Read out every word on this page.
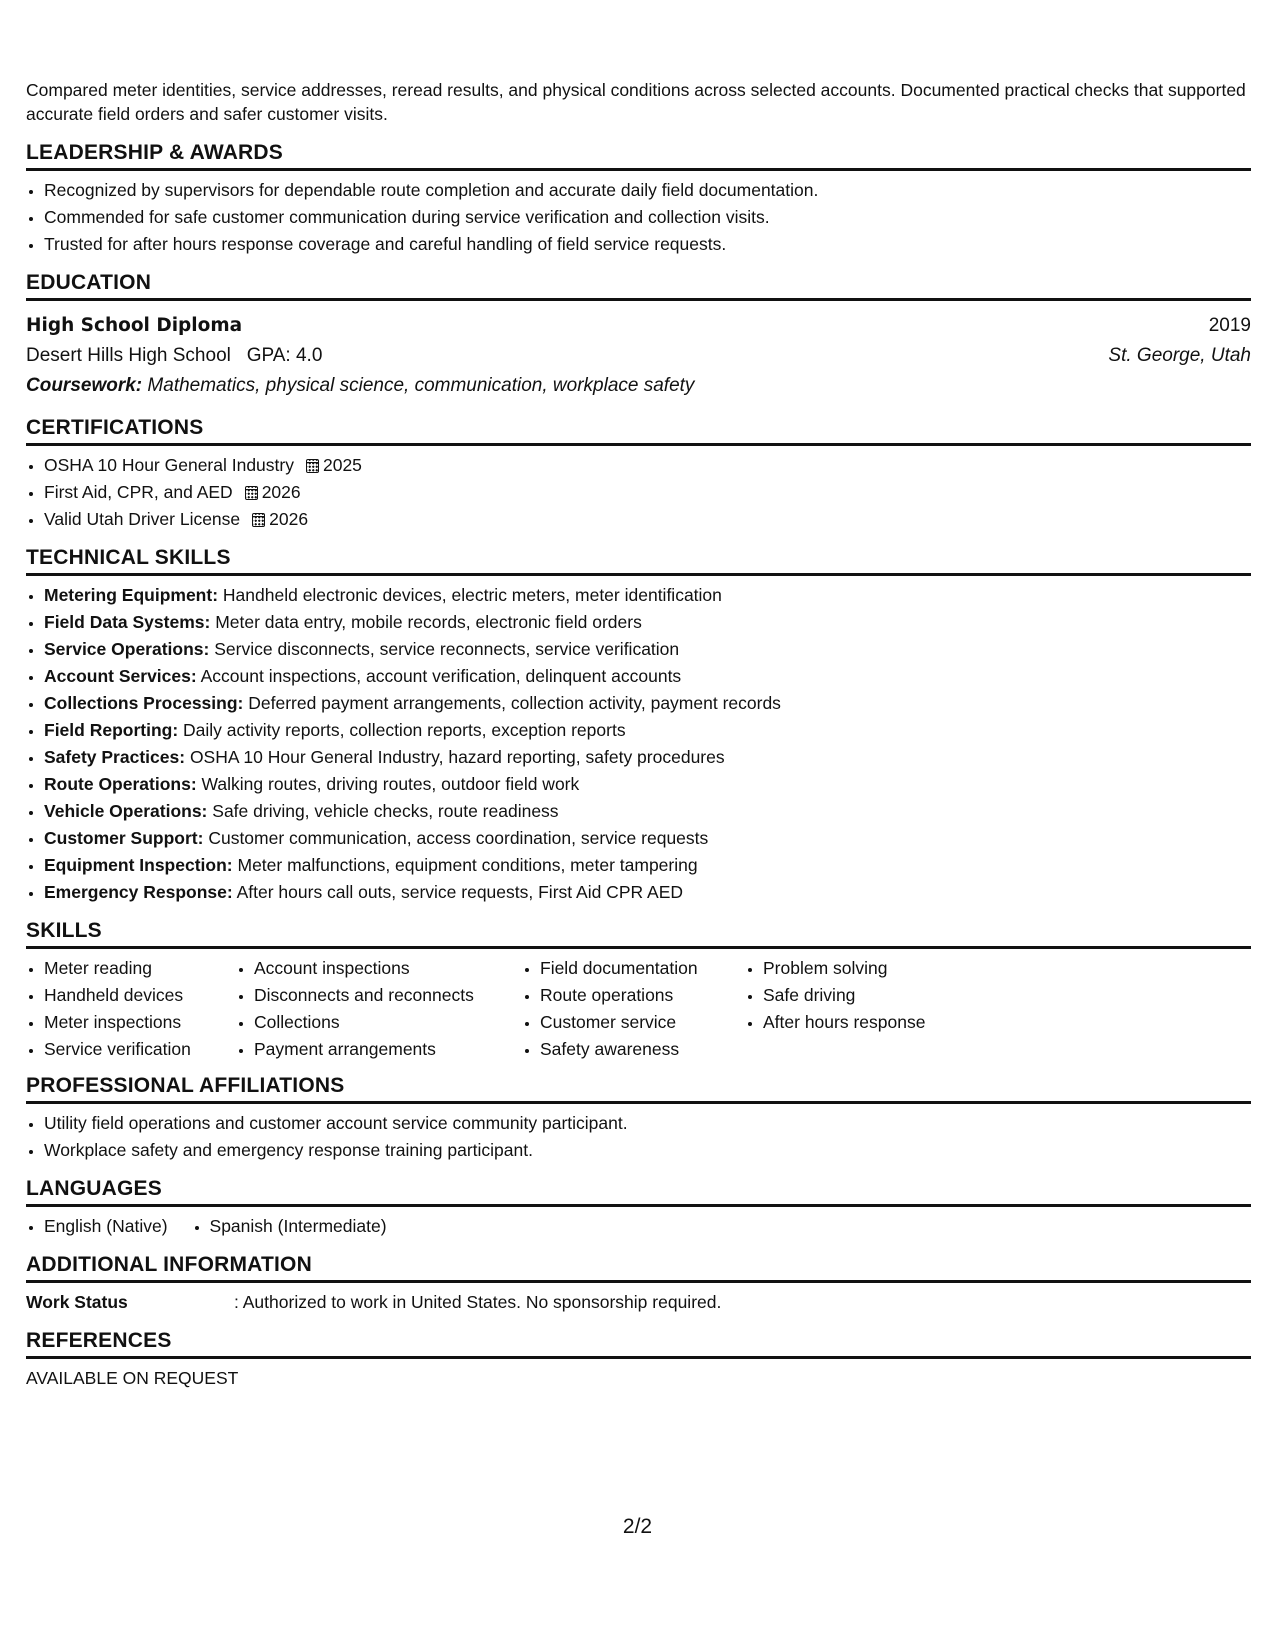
Compared meter identities, service addresses, reread results, and physical conditions across selected accounts. Documented practical checks that supported accurate field orders and safer customer visits.

LEADERSHIP & AWARDS
• Recognized by supervisors for dependable route completion and accurate daily field documentation.
• Commended for safe customer communication during service verification and collection visits.
• Trusted for after hours response coverage and careful handling of field service requests.
EDUCATION
High School Diploma	2019
Desert Hills High School GPA: 4.0	St. George, Utah
Coursework: Mathematics, physical science, communication, workplace safety
CERTIFICATIONS
• OSHA 10 Hour General Industry 2025
• First Aid, CPR, and AED 2026
• Valid Utah Driver License 2026
TECHNICAL SKILLS
• Metering Equipment: Handheld electronic devices, electric meters, meter identification
• Field Data Systems: Meter data entry, mobile records, electronic field orders
• Service Operations: Service disconnects, service reconnects, service verification
• Account Services: Account inspections, account verification, delinquent accounts
• Collections Processing: Deferred payment arrangements, collection activity, payment records
• Field Reporting: Daily activity reports, collection reports, exception reports
• Safety Practices: OSHA 10 Hour General Industry, hazard reporting, safety procedures
• Route Operations: Walking routes, driving routes, outdoor field work
• Vehicle Operations: Safe driving, vehicle checks, route readiness
• Customer Support: Customer communication, access coordination, service requests
• Equipment Inspection: Meter malfunctions, equipment conditions, meter tampering
• Emergency Response: After hours call outs, service requests, First Aid CPR AED
SKILLS
• Meter reading
• Handheld devices
• Meter inspections
• Service verification
• Account inspections
• Disconnects and reconnects
• Collections
• Payment arrangements
• Field documentation
• Route operations
• Customer service
• Safety awareness
• Problem solving
• Safe driving
• After hours response
PROFESSIONAL AFFILIATIONS
• Utility field operations and customer account service community participant.
• Workplace safety and emergency response training participant.
LANGUAGES
• English (Native)
• Spanish (Intermediate)
ADDITIONAL INFORMATION
Work Status	: Authorized to work in United States. No sponsorship required.
REFERENCES
AVAILABLE ON REQUEST
2/2
